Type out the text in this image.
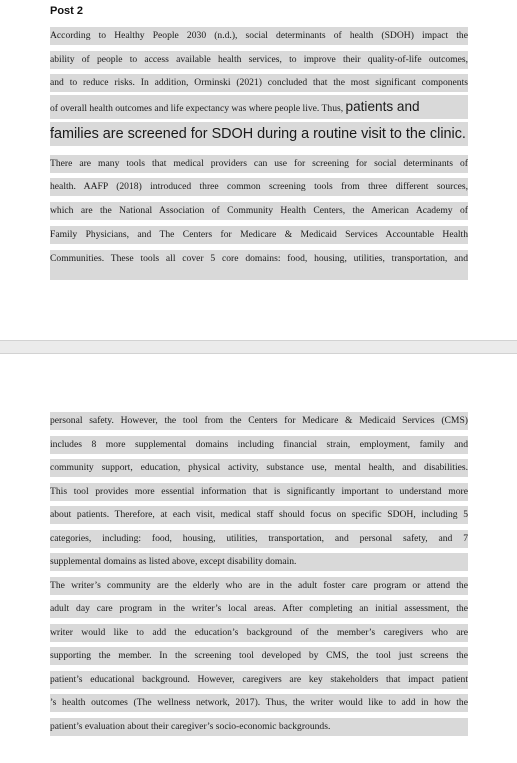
Post 2
According to Healthy People 2030 (n.d.), social determinants of health (SDOH) impact the
ability of people to access available health services, to improve their quality-of-life outcomes,
and to reduce risks. In addition, Orminski (2021) concluded that the most significant components
of overall health outcomes and life expectancy was where people live. Thus, patients and
families are screened for SDOH during a routine visit to the clinic.
There are many tools that medical providers can use for screening for social determinants of
health. AAFP (2018) introduced three common screening tools from three different sources,
which are the National Association of Community Health Centers, the American Academy of
Family Physicians, and The Centers for Medicare & Medicaid Services Accountable Health
Communities. These tools all cover 5 core domains: food, housing, utilities, transportation, and
personal safety. However, the tool from the Centers for Medicare & Medicaid Services (CMS)
includes 8 more supplemental domains including financial strain, employment, family and
community support, education, physical activity, substance use, mental health, and disabilities.
This tool provides more essential information that is significantly important to understand more
about patients. Therefore, at each visit, medical staff should focus on specific SDOH, including 5
categories, including: food, housing, utilities, transportation, and personal safety, and 7
supplemental domains as listed above, except disability domain.
The writer’s community are the elderly who are in the adult foster care program or attend the
adult day care program in the writer’s local areas. After completing an initial assessment, the
writer would like to add the education’s background of the member’s caregivers who are
supporting the member. In the screening tool developed by CMS, the tool just screens the
patient’s educational background. However, caregivers are key stakeholders that impact patient
’s health outcomes (The wellness network, 2017). Thus, the writer would like to add in how the
patient’s evaluation about their caregiver’s socio-economic backgrounds.
